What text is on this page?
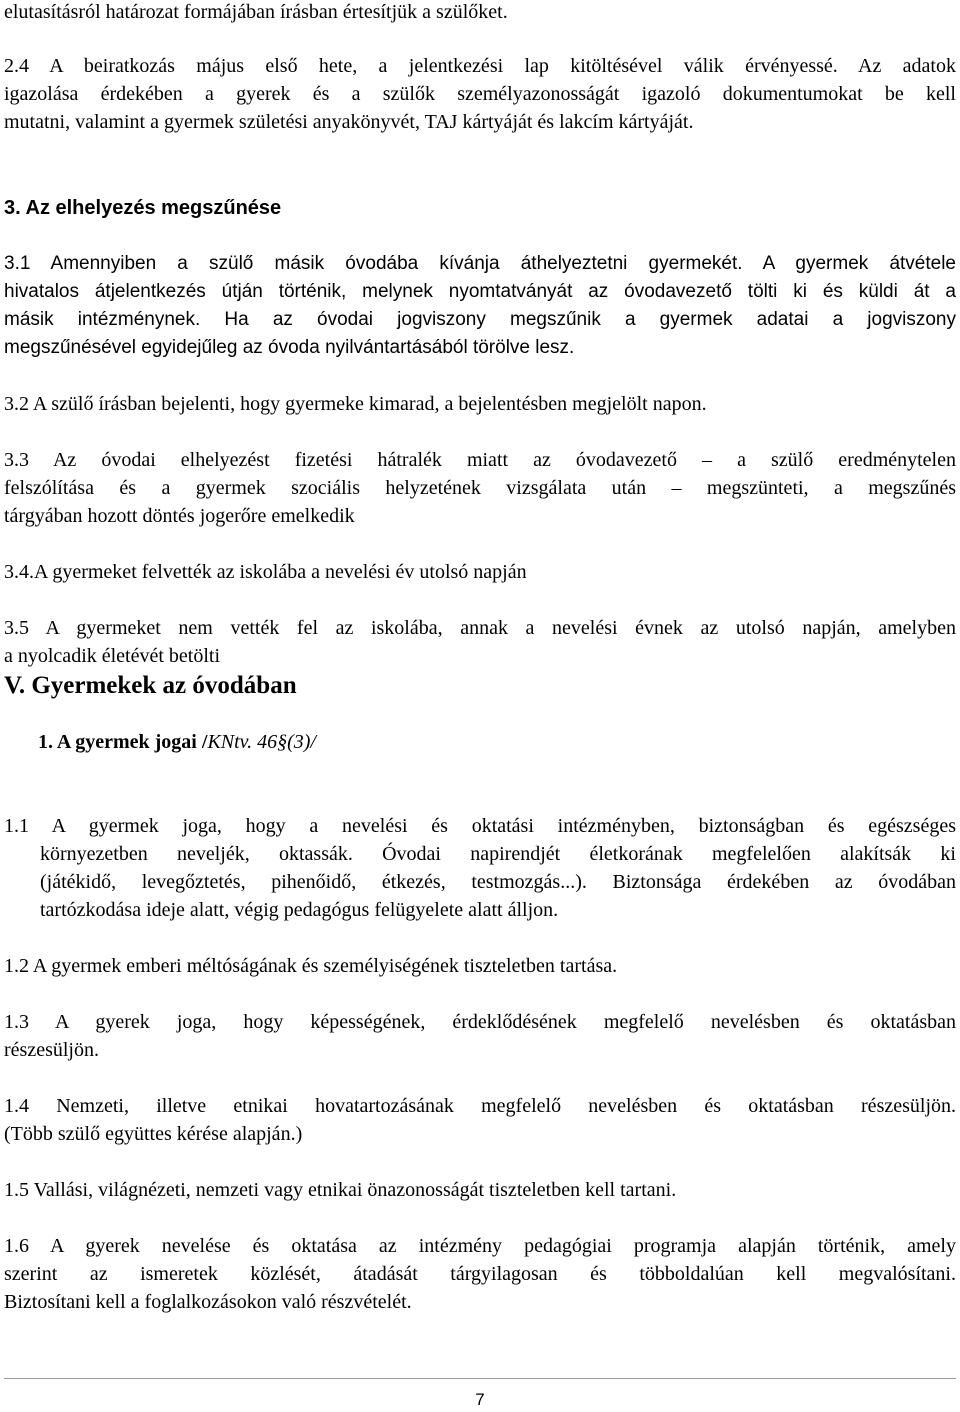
elutasításról határozat formájában írásban értesítjük a szülőket.
2.4 A beiratkozás május első hete, a jelentkezési lap kitöltésével válik érvényessé. Az adatok
igazolása érdekében a gyerek és a szülők személyazonosságát igazoló dokumentumokat be kell
mutatni, valamint a gyermek születési anyakönyvét, TAJ kártyáját és lakcím kártyáját.
3. Az elhelyezés megszűnése
3.1 Amennyiben a szülő másik óvodába kívánja áthelyeztetni gyermekét. A gyermek átvétele
hivatalos átjelentkezés útján történik, melynek nyomtatványát az óvodavezető tölti ki és küldi át a
másik intézménynek. Ha az óvodai jogviszony megszűnik a gyermek adatai a jogviszony
megszűnésével egyidejűleg az óvoda nyilvántartásából törölve lesz.
3.2 A szülő írásban bejelenti, hogy gyermeke kimarad, a bejelentésben megjelölt napon.
3.3 Az óvodai elhelyezést fizetési hátralék miatt az óvodavezető – a szülő eredménytelen
felszólítása és a gyermek szociális helyzetének vizsgálata után – megszünteti, a megszűnés
tárgyában hozott döntés jogerőre emelkedik
3.4.A gyermeket felvették az iskolába a nevelési év utolsó napján
3.5 A gyermeket nem vették fel az iskolába, annak a nevelési évnek az utolsó napján, amelyben
a nyolcadik életévét betölti
V. Gyermekek az óvodában
1. A gyermek jogai /KNtv. 46§(3)/
1.1 A gyermek joga, hogy a nevelési és oktatási intézményben, biztonságban és egészséges
környezetben neveljék, oktassák. Óvodai napirendjét életkorának megfelelően alakítsák ki
(játékidő, levegőztetés, pihenőidő, étkezés, testmozgás...). Biztonsága érdekében az óvodában
tartózkodása ideje alatt, végig pedagógus felügyelete alatt álljon.
1.2 A gyermek emberi méltóságának és személyiségének tiszteletben tartása.
1.3 A gyerek joga, hogy képességének, érdeklődésének megfelelő nevelésben és oktatásban
részesüljön.
1.4 Nemzeti, illetve etnikai hovatartozásának megfelelő nevelésben és oktatásban részesüljön.
(Több szülő együttes kérése alapján.)
1.5 Vallási, világnézeti, nemzeti vagy etnikai önazonosságát tiszteletben kell tartani.
1.6 A gyerek nevelése és oktatása az intézmény pedagógiai programja alapján történik, amely
szerint az ismeretek közlését, átadását tárgyilagosan és többoldalúan kell megvalósítani.
Biztosítani kell a foglalkozásokon való részvételét.
7
